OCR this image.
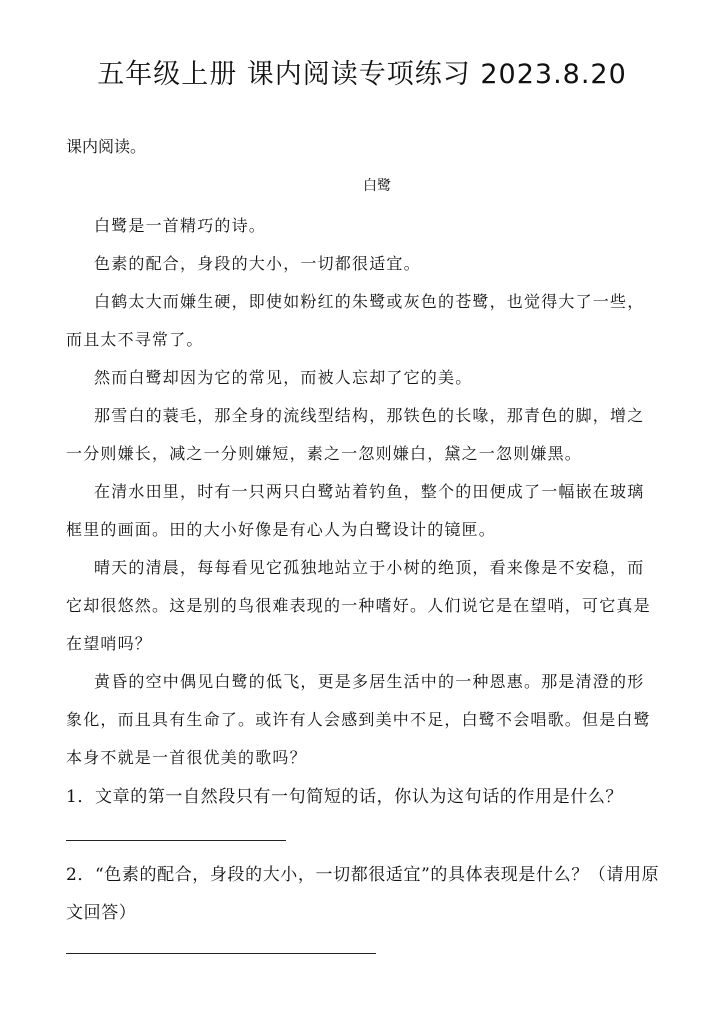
五年级上册 课内阅读专项练习 2023.8.20
课内阅读。
白鹭
白鹭是一首精巧的诗。
色素的配合，身段的大小，一切都很适宜。
白鹤太大而嫌生硬，即使如粉红的朱鹭或灰色的苍鹭，也觉得大了一些，而且太不寻常了。
然而白鹭却因为它的常见，而被人忘却了它的美。
那雪白的蓑毛，那全身的流线型结构，那铁色的长喙，那青色的脚，增之一分则嫌长，减之一分则嫌短，素之一忽则嫌白，黛之一忽则嫌黑。
在清水田里，时有一只两只白鹭站着钓鱼，整个的田便成了一幅嵌在玻璃框里的画面。田的大小好像是有心人为白鹭设计的镜匣。
晴天的清晨，每每看见它孤独地站立于小树的绝顶，看来像是不安稳，而它却很悠然。这是别的鸟很难表现的一种嗜好。人们说它是在望哨，可它真是在望哨吗？
黄昏的空中偶见白鹭的低飞，更是多居生活中的一种恩惠。那是清澄的形象化，而且具有生命了。或许有人会感到美中不足，白鹭不会唱歌。但是白鹭本身不就是一首很优美的歌吗？
1．文章的第一自然段只有一句简短的话，你认为这句话的作用是什么？
2．“色素的配合，身段的大小，一切都很适宜”的具体表现是什么？（请用原文回答）
